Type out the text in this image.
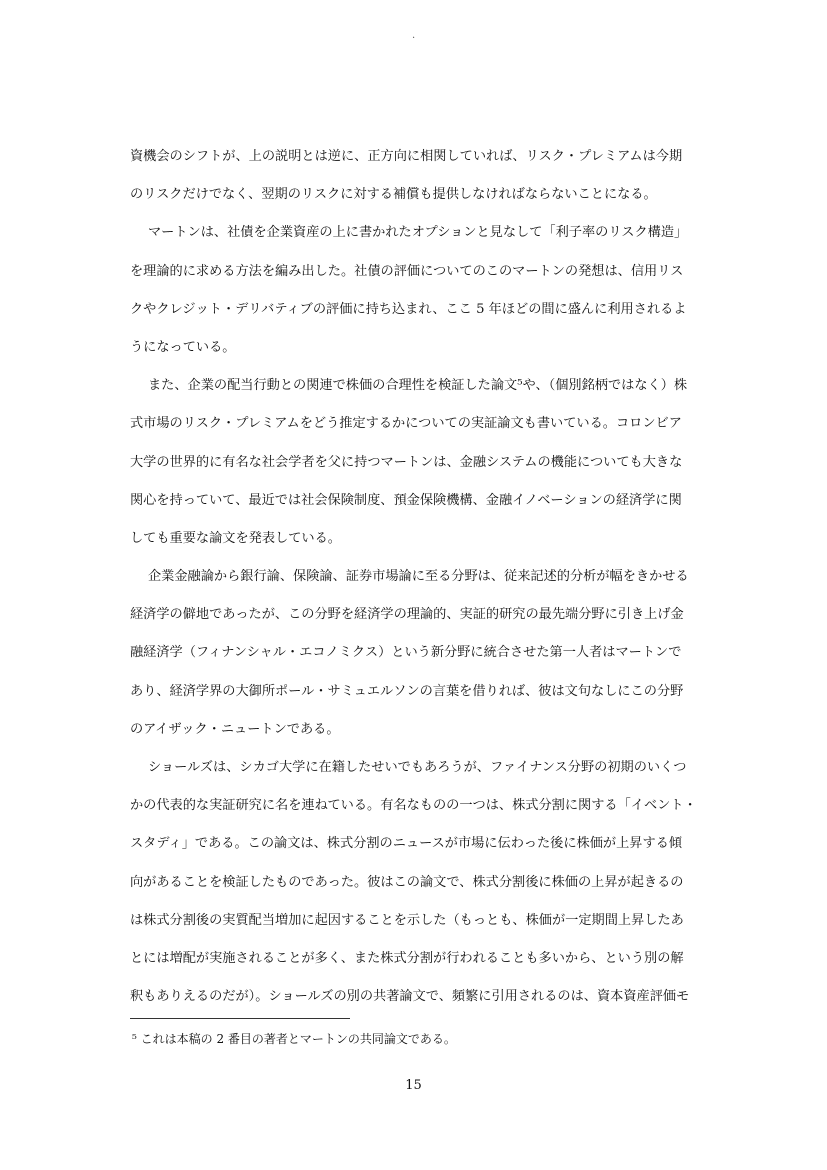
.
資機会のシフトが、上の説明とは逆に、正方向に相関していれば、リスク・プレミアムは今期
のリスクだけでなく、翌期のリスクに対する補償も提供しなければならないことになる。
マートンは、社債を企業資産の上に書かれたオプションと見なして「利子率のリスク構造」
を理論的に求める方法を編み出した。社債の評価についてのこのマートンの発想は、信用リス
クやクレジット・デリバティブの評価に持ち込まれ、ここ 5 年ほどの間に盛んに利用されるよ
うになっている。
また、企業の配当行動との関連で株価の合理性を検証した論文⁵や、（個別銘柄ではなく）株
式市場のリスク・プレミアムをどう推定するかについての実証論文も書いている。コロンビア
大学の世界的に有名な社会学者を父に持つマートンは、金融システムの機能についても大きな
関心を持っていて、最近では社会保険制度、預金保険機構、金融イノベーションの経済学に関
しても重要な論文を発表している。
企業金融論から銀行論、保険論、証券市場論に至る分野は、従来記述的分析が幅をきかせる
経済学の僻地であったが、この分野を経済学の理論的、実証的研究の最先端分野に引き上げ金
融経済学（フィナンシャル・エコノミクス）という新分野に統合させた第一人者はマートンで
あり、経済学界の大御所ポール・サミュエルソンの言葉を借りれば、彼は文句なしにこの分野
のアイザック・ニュートンである。
ショールズは、シカゴ大学に在籍したせいでもあろうが、ファイナンス分野の初期のいくつ
かの代表的な実証研究に名を連ねている。有名なものの一つは、株式分割に関する「イベント・
スタディ」である。この論文は、株式分割のニュースが市場に伝わった後に株価が上昇する傾
向があることを検証したものであった。彼はこの論文で、株式分割後に株価の上昇が起きるの
は株式分割後の実質配当増加に起因することを示した（もっとも、株価が一定期間上昇したあ
とには増配が実施されることが多く、また株式分割が行われることも多いから、という別の解
釈もありえるのだが）。ショールズの別の共著論文で、頻繁に引用されるのは、資本資産評価モ
⁵ これは本稿の 2 番目の著者とマートンの共同論文である。
15
